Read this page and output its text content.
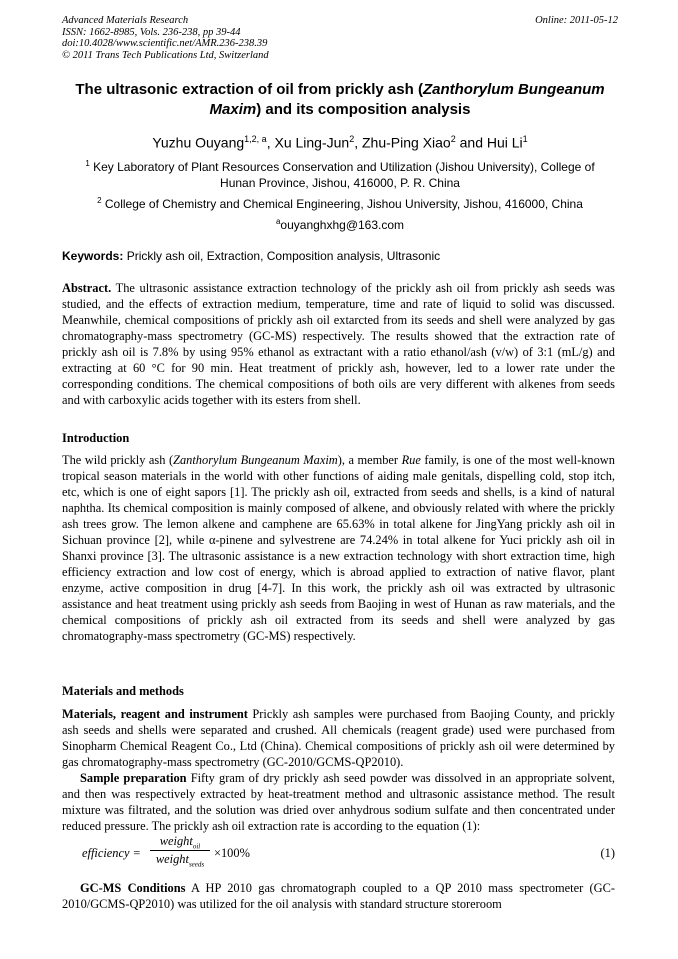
Advanced Materials Research
ISSN: 1662-8985, Vols. 236-238, pp 39-44
doi:10.4028/www.scientific.net/AMR.236-238.39
© 2011 Trans Tech Publications Ltd, Switzerland
Online: 2011-05-12
The ultrasonic extraction of oil from prickly ash (Zanthorylum Bungeanum Maxim) and its composition analysis
Yuzhu Ouyang$^{1,2, a}$, Xu Ling-Jun$^2$, Zhu-Ping Xiao$^2$ and Hui Li$^1$
$^1$ Key Laboratory of Plant Resources Conservation and Utilization (Jishou University), College of Hunan Province, Jishou, 416000, P. R. China
$^2$ College of Chemistry and Chemical Engineering, Jishou University, Jishou, 416000, China
$^a$ouyanghxhg@163.com
Keywords: Prickly ash oil, Extraction, Composition analysis, Ultrasonic
Abstract. The ultrasonic assistance extraction technology of the prickly ash oil from prickly ash seeds was studied, and the effects of extraction medium, temperature, time and rate of liquid to solid was discussed. Meanwhile, chemical compositions of prickly ash oil extarcted from its seeds and shell were analyzed by gas chromatography-mass spectrometry (GC-MS) respectively. The results showed that the extraction rate of prickly ash oil is 7.8% by using 95% ethanol as extractant with a ratio ethanol/ash (v/w) of 3:1 (mL/g) and extracting at 60 °C for 90 min. Heat treatment of prickly ash, however, led to a lower rate under the corresponding conditions. The chemical compositions of both oils are very different with alkenes from seeds and with carboxylic acids together with its esters from shell.
Introduction
The wild prickly ash (Zanthorylum Bungeanum Maxim), a member Rue family, is one of the most well-known tropical season materials in the world with other functions of aiding male genitals, dispelling cold, stop itch, etc, which is one of eight sapors [1]. The prickly ash oil, extracted from seeds and shells, is a kind of natural naphtha. Its chemical composition is mainly composed of alkene, and obviously related with where the prickly ash trees grow. The lemon alkene and camphene are 65.63% in total alkene for JingYang prickly ash oil in Sichuan province [2], while α-pinene and sylvestrene are 74.24% in total alkene for Yuci prickly ash oil in Shanxi province [3]. The ultrasonic assistance is a new extraction technology with short extraction time, high efficiency extraction and low cost of energy, which is abroad applied to extraction of native flavor, plant enzyme, active composition in drug [4-7]. In this work, the prickly ash oil was extracted by ultrasonic assistance and heat treatment using prickly ash seeds from Baojing in west of Hunan as raw materials, and the chemical compositions of prickly ash oil extracted from its seeds and shell were analyzed by gas chromatography-mass spectrometry (GC-MS) respectively.
Materials and methods
Materials, reagent and instrument Prickly ash samples were purchased from Baojing County, and prickly ash seeds and shells were separated and crushed. All chemicals (reagent grade) used were purchased from Sinopharm Chemical Reagent Co., Ltd (China). Chemical compositions of prickly ash oil were determined by gas chromatography-mass spectrometry (GC-2010/GCMS-QP2010).
Sample preparation Fifty gram of dry prickly ash seed powder was dissolved in an appropriate solvent, and then was respectively extracted by heat-treatment method and ultrasonic assistance method. The result mixture was filtrated, and the solution was dried over anhydrous sodium sulfate and then concentrated under reduced pressure. The prickly ash oil extraction rate is according to the equation (1):
efficiency =
weight$_{oil}$
weight$_{seeds}$
×100%	(1)
GC-MS Conditions A HP 2010 gas chromatograph coupled to a QP 2010 mass spectrometer (GC-2010/GCMS-QP2010) was utilized for the oil analysis with standard structure storeroom
